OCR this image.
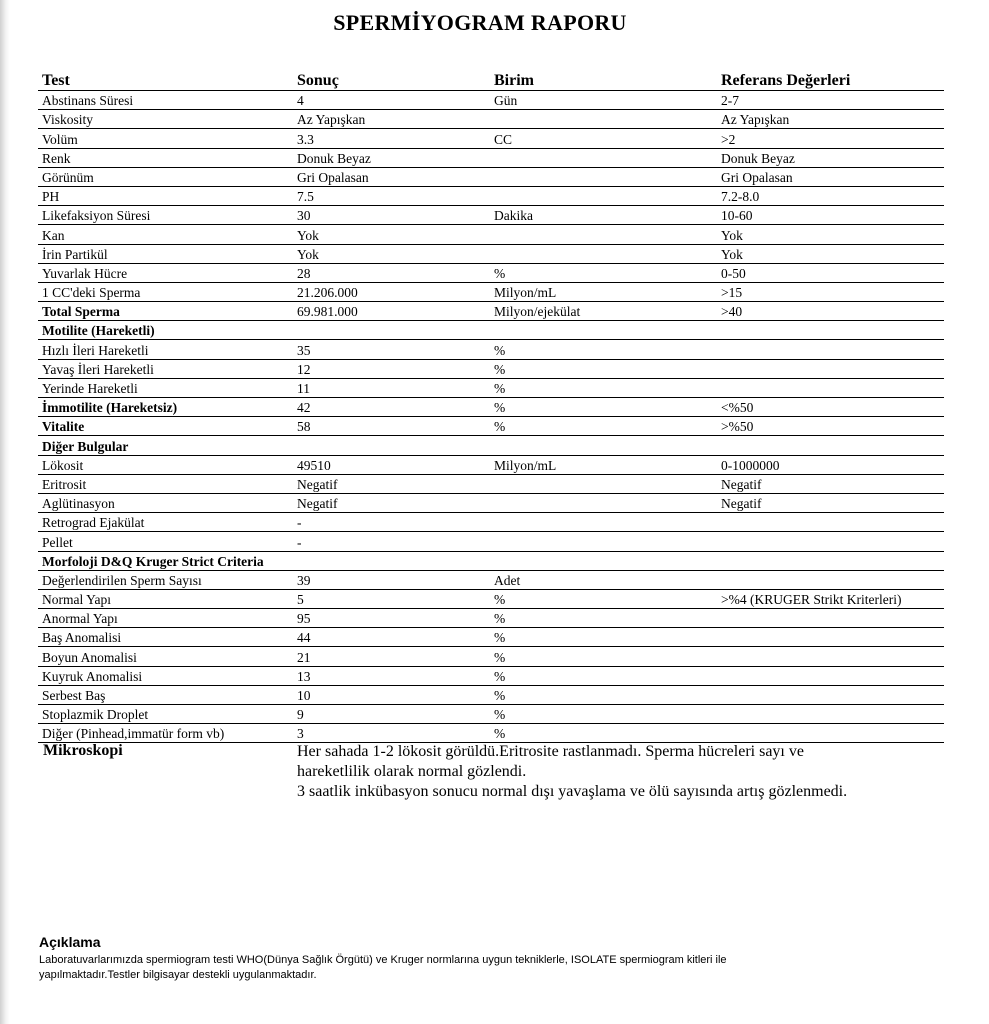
SPERMİYOGRAM RAPORU
Test	Sonuç	Birim	Referans Değerleri
Abstinans Süresi	4	Gün	2-7
Viskosity	Az Yapışkan		Az Yapışkan
Volüm	3.3	CC	>2
Renk	Donuk Beyaz		Donuk Beyaz
Görünüm	Gri Opalasan		Gri Opalasan
PH	7.5		7.2-8.0
Likefaksiyon Süresi	30	Dakika	10-60
Kan	Yok		Yok
İrin Partikül	Yok		Yok
Yuvarlak Hücre	28	%	0-50
1 CC'deki Sperma	21.206.000	Milyon/mL	>15
Total Sperma	69.981.000	Milyon/ejekülat	>40
Motilite (Hareketli)			
Hızlı İleri Hareketli	35	%	
Yavaş İleri Hareketli	12	%	
Yerinde Hareketli	11	%	
İmmotilite (Hareketsiz)	42	%	<%50
Vitalite	58	%	>%50
Diğer Bulgular			
Lökosit	49510	Milyon/mL	0-1000000
Eritrosit	Negatif		Negatif
Aglütinasyon	Negatif		Negatif
Retrograd Ejakülat	-		
Pellet	-		
Morfoloji D&Q Kruger Strict Criteria			
Değerlendirilen Sperm Sayısı	39	Adet	
Normal Yapı	5	%	>%4 (KRUGER Strikt Kriterleri)
Anormal Yapı	95	%	
Baş Anomalisi	44	%	
Boyun Anomalisi	21	%	
Kuyruk Anomalisi	13	%	
Serbest Baş	10	%	
Stoplazmik Droplet	9	%	
Diğer (Pinhead,immatür form vb)	3	%	
Mikroskopi	Her sahada 1-2 lökosit görüldü.Eritrosite rastlanmadı. Sperma hücreleri sayı ve
hareketlilik olarak normal gözlendi.
3 saatlik inkübasyon sonucu normal dışı yavaşlama ve ölü sayısında artış gözlenmedi.
Açıklama
Laboratuvarlarımızda spermiogram testi WHO(Dünya Sağlık Örgütü) ve Kruger normlarına uygun tekniklerle, ISOLATE spermiogram kitleri ile
yapılmaktadır.Testler bilgisayar destekli uygulanmaktadır.
